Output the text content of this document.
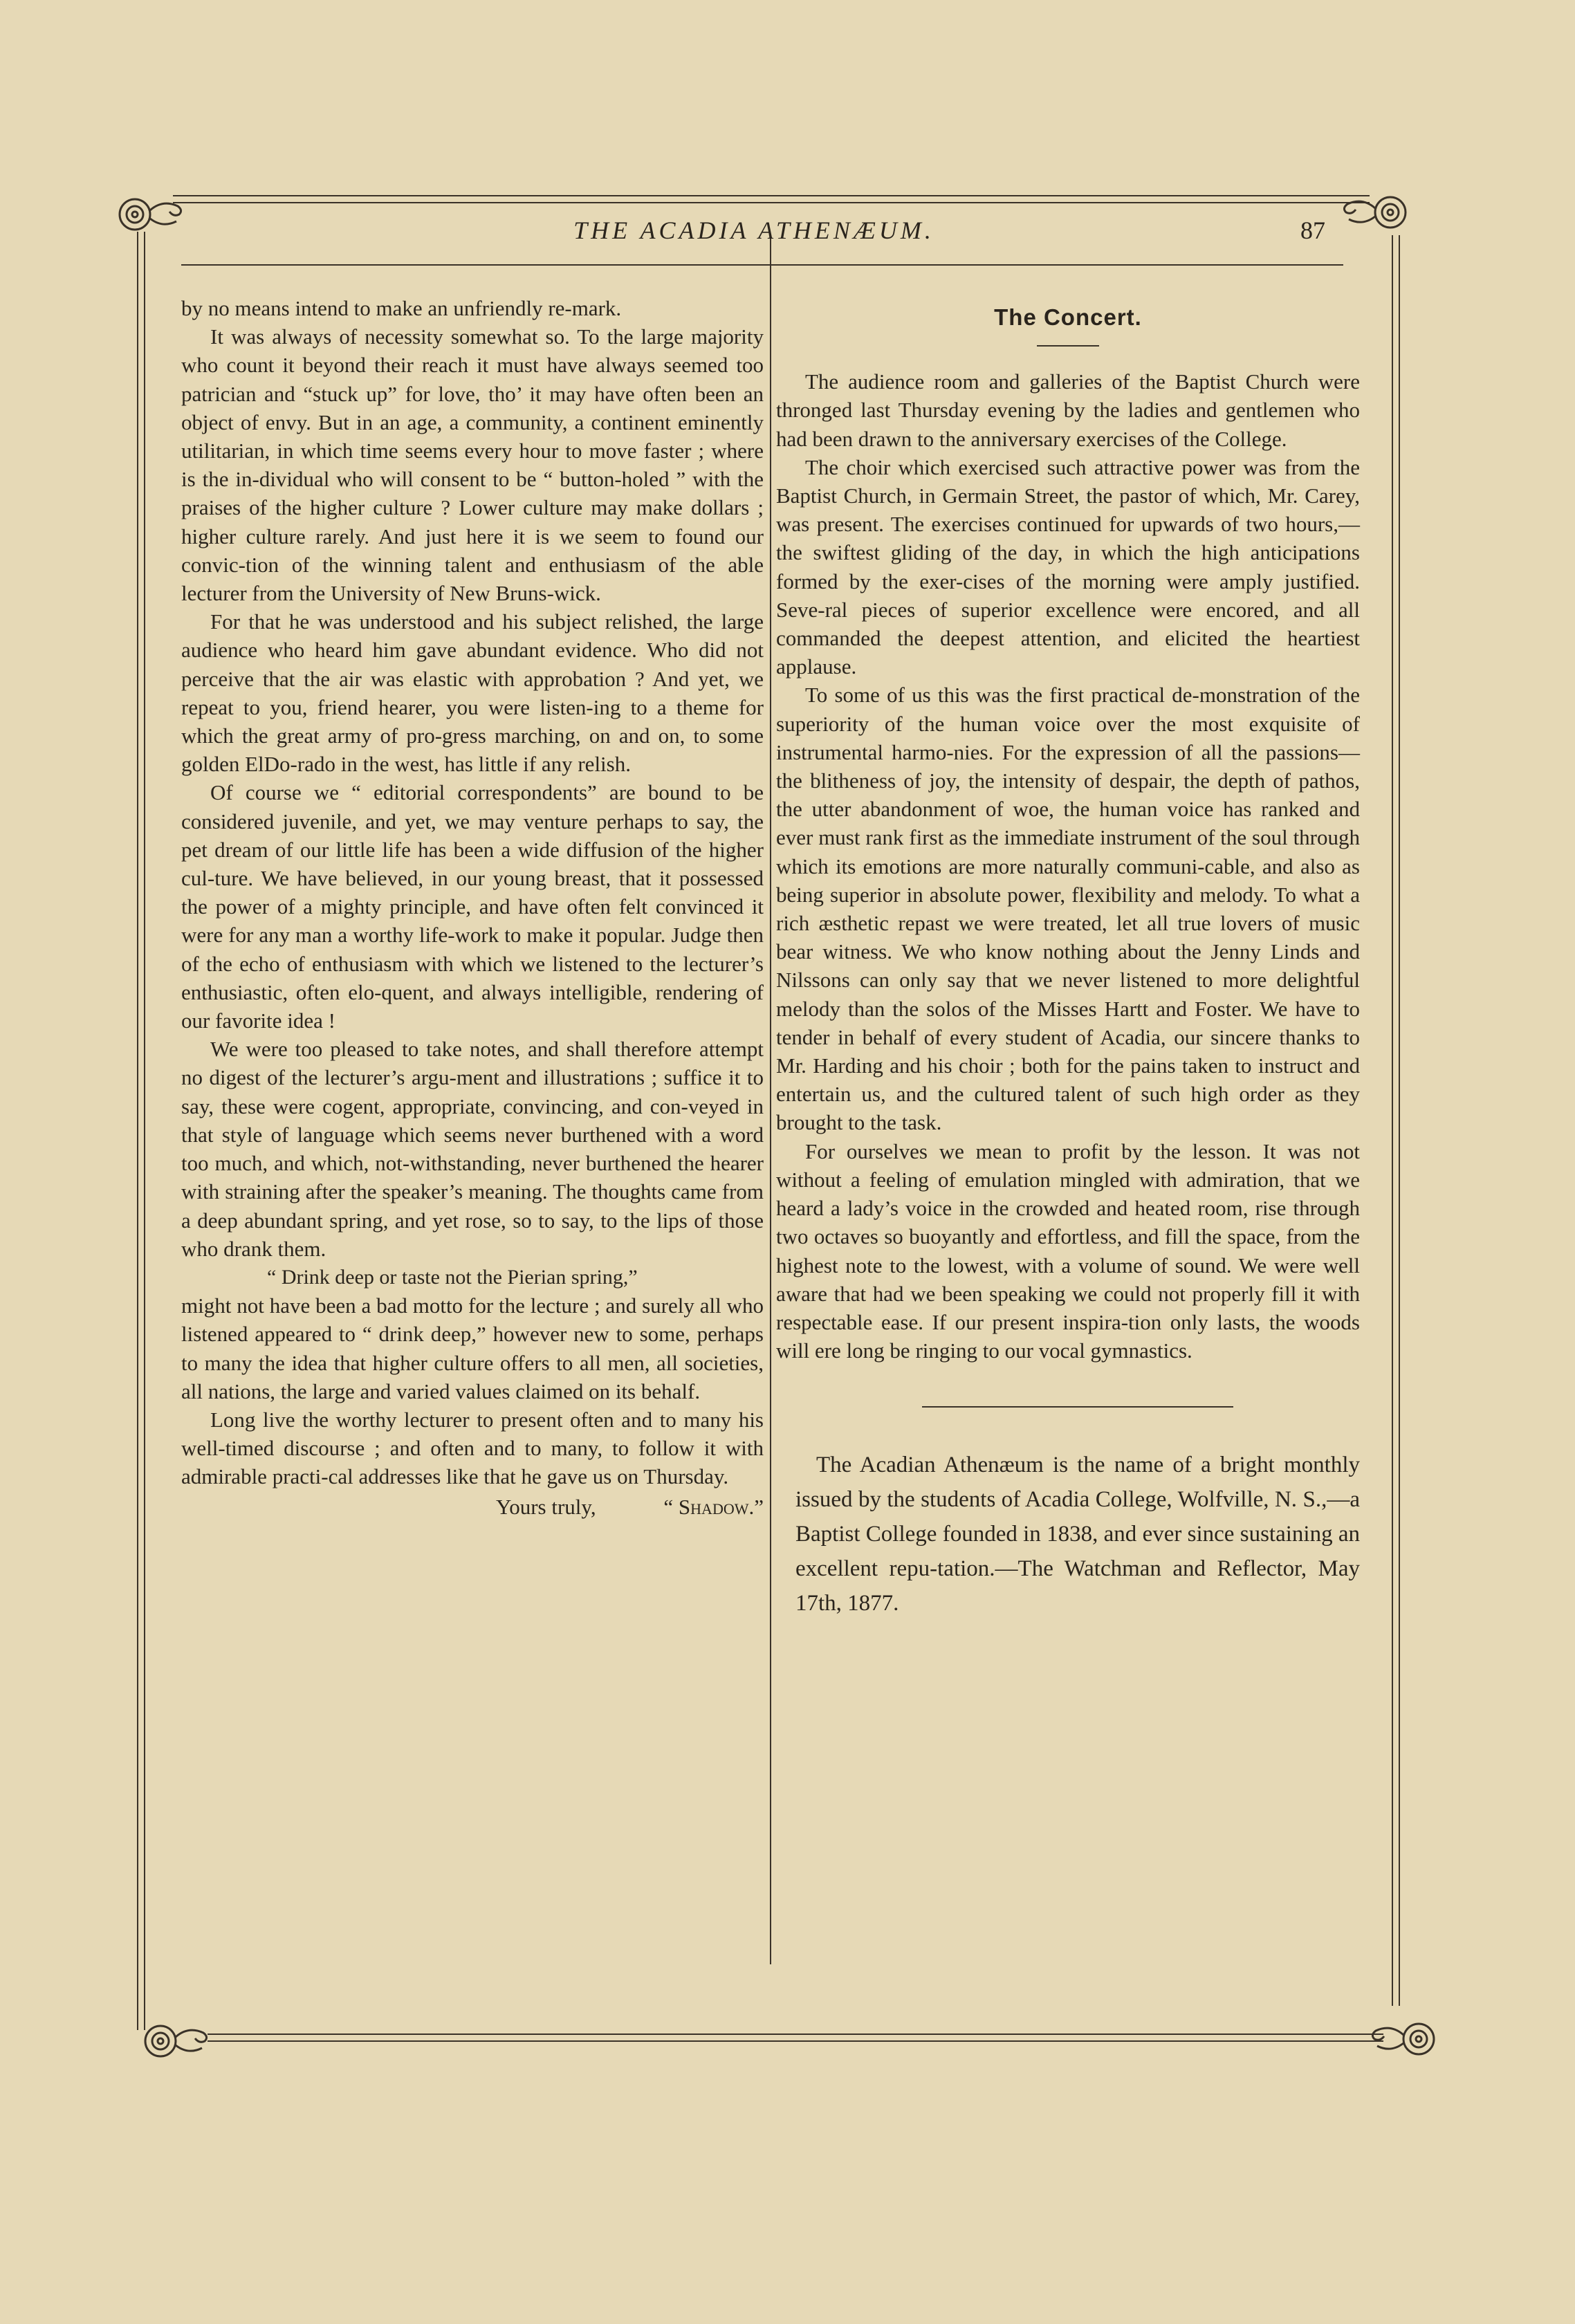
THE ACADIA ATHENÆUM.	87

by no means intend to make an unfriendly re-mark.

It was always of necessity somewhat so. To the large majority who count it beyond their reach it must have always seemed too patrician and “stuck up” for love, tho’ it may have often been an object of envy. But in an age, a community, a continent eminently utilitarian, in which time seems every hour to move faster ; where is the in-dividual who will consent to be “ button-holed ” with the praises of the higher culture ? Lower culture may make dollars ; higher culture rarely. And just here it is we seem to found our convic-tion of the winning talent and enthusiasm of the able lecturer from the University of New Bruns-wick.

For that he was understood and his subject relished, the large audience who heard him gave abundant evidence. Who did not perceive that the air was elastic with approbation ? And yet, we repeat to you, friend hearer, you were listen-ing to a theme for which the great army of pro-gress marching, on and on, to some golden ElDo-rado in the west, has little if any relish.

Of course we “ editorial correspondents” are bound to be considered juvenile, and yet, we may venture perhaps to say, the pet dream of our little life has been a wide diffusion of the higher cul-ture. We have believed, in our young breast, that it possessed the power of a mighty principle, and have often felt convinced it were for any man a worthy life-work to make it popular. Judge then of the echo of enthusiasm with which we listened to the lecturer’s enthusiastic, often elo-quent, and always intelligible, rendering of our favorite idea !

We were too pleased to take notes, and shall therefore attempt no digest of the lecturer’s argu-ment and illustrations ; suffice it to say, these were cogent, appropriate, convincing, and con-veyed in that style of language which seems never burthened with a word too much, and which, not-withstanding, never burthened the hearer with straining after the speaker’s meaning. The thoughts came from a deep abundant spring, and yet rose, so to say, to the lips of those who drank them.

“ Drink deep or taste not the Pierian spring,”

might not have been a bad motto for the lecture ; and surely all who listened appeared to “ drink deep,” however new to some, perhaps to many the idea that higher culture offers to all men, all societies, all nations, the large and varied values claimed on its behalf.

Long live the worthy lecturer to present often and to many his well-timed discourse ; and often and to many, to follow it with admirable practi-cal addresses like that he gave us on Thursday.

Yours truly,	“ Shadow.”
The Concert.

The audience room and galleries of the Baptist Church were thronged last Thursday evening by the ladies and gentlemen who had been drawn to the anniversary exercises of the College.

The choir which exercised such attractive power was from the Baptist Church, in Germain Street, the pastor of which, Mr. Carey, was present. The exercises continued for upwards of two hours,—the swiftest gliding of the day, in which the high anticipations formed by the exer-cises of the morning were amply justified. Seve-ral pieces of superior excellence were encored, and all commanded the deepest attention, and elicited the heartiest applause.

To some of us this was the first practical de-monstration of the superiority of the human voice over the most exquisite of instrumental harmo-nies. For the expression of all the passions— the blitheness of joy, the intensity of despair, the depth of pathos, the utter abandonment of woe, the human voice has ranked and ever must rank first as the immediate instrument of the soul through which its emotions are more naturally communi-cable, and also as being superior in absolute power, flexibility and melody. To what a rich æsthetic repast we were treated, let all true lovers of music bear witness. We who know nothing about the Jenny Linds and Nilssons can only say that we never listened to more delightful melody than the solos of the Misses Hartt and Foster. We have to tender in behalf of every student of Acadia, our sincere thanks to Mr. Harding and his choir ; both for the pains taken to instruct and entertain us, and the cultured talent of such high order as they brought to the task.

For ourselves we mean to profit by the lesson. It was not without a feeling of emulation mingled with admiration, that we heard a lady’s voice in the crowded and heated room, rise through two octaves so buoyantly and effortless, and fill the space, from the highest note to the lowest, with a volume of sound. We were well aware that had we been speaking we could not properly fill it with respectable ease. If our present inspira-tion only lasts, the woods will ere long be ringing to our vocal gymnastics.

The Acadian Athenæum is the name of a bright monthly issued by the students of Acadia College, Wolfville, N. S.,—a Baptist College founded in 1838, and ever since sustaining an excellent repu-tation.—The Watchman and Reflector, May 17th, 1877.
